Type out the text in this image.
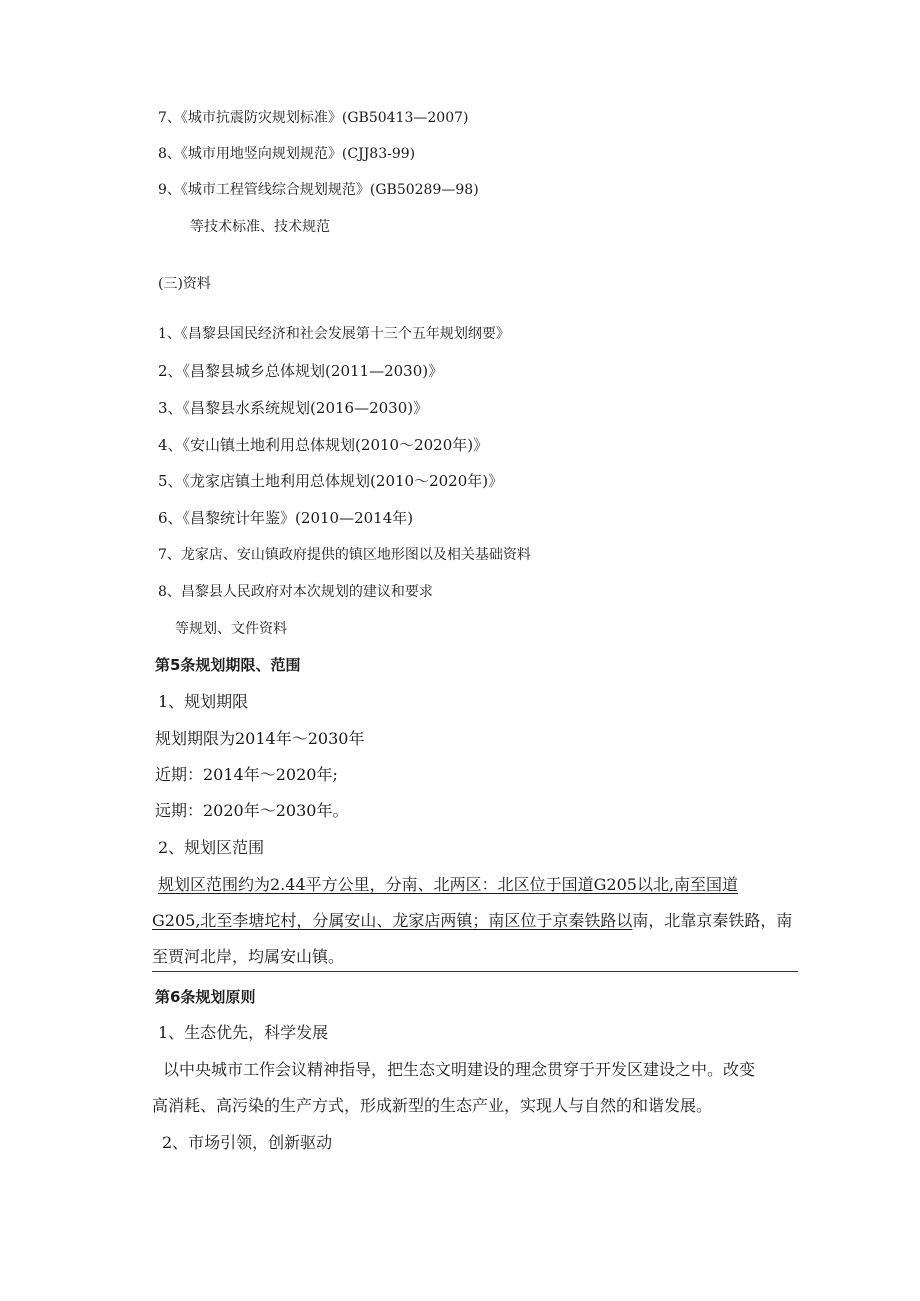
7、《城市抗震防灾规划标准》(GB50413—2007)
8、《城市用地竖向规划规范》(CJJ83-99)
9、《城市工程管线综合规划规范》(GB50289—98)
等技术标准、技术规范
(三)资料
1、《昌黎县国民经济和社会发展第十三个五年规划纲要》
2、《昌黎县城乡总体规划(2011—2030)》
3、《昌黎县水系统规划(2016—2030)》
4、《安山镇土地利用总体规划(2010～2020年)》
5、《龙家店镇土地利用总体规划(2010～2020年)》
6、《昌黎统计年鉴》(2010—2014年)
7、龙家店、安山镇政府提供的镇区地形图以及相关基础资料
8、昌黎县人民政府对本次规划的建议和要求
等规划、文件资料
第5条规划期限、范围
1、规划期限
规划期限为2014年～2030年
近期：2014年～2020年;
远期：2020年～2030年。
2、规划区范围
规划区范围约为2.44平方公里，分南、北两区：北区位于国道G205以北,南至国道
G205,北至李塘坨村，分属安山、龙家店两镇；南区位于京秦铁路以南，北靠京秦铁路，南
至贾河北岸，均属安山镇。
第6条规划原则
1、生态优先，科学发展
以中央城市工作会议精神指导，把生态文明建设的理念贯穿于开发区建设之中。改变
高消耗、高污染的生产方式，形成新型的生态产业，实现人与自然的和谐发展。
2、市场引领，创新驱动
